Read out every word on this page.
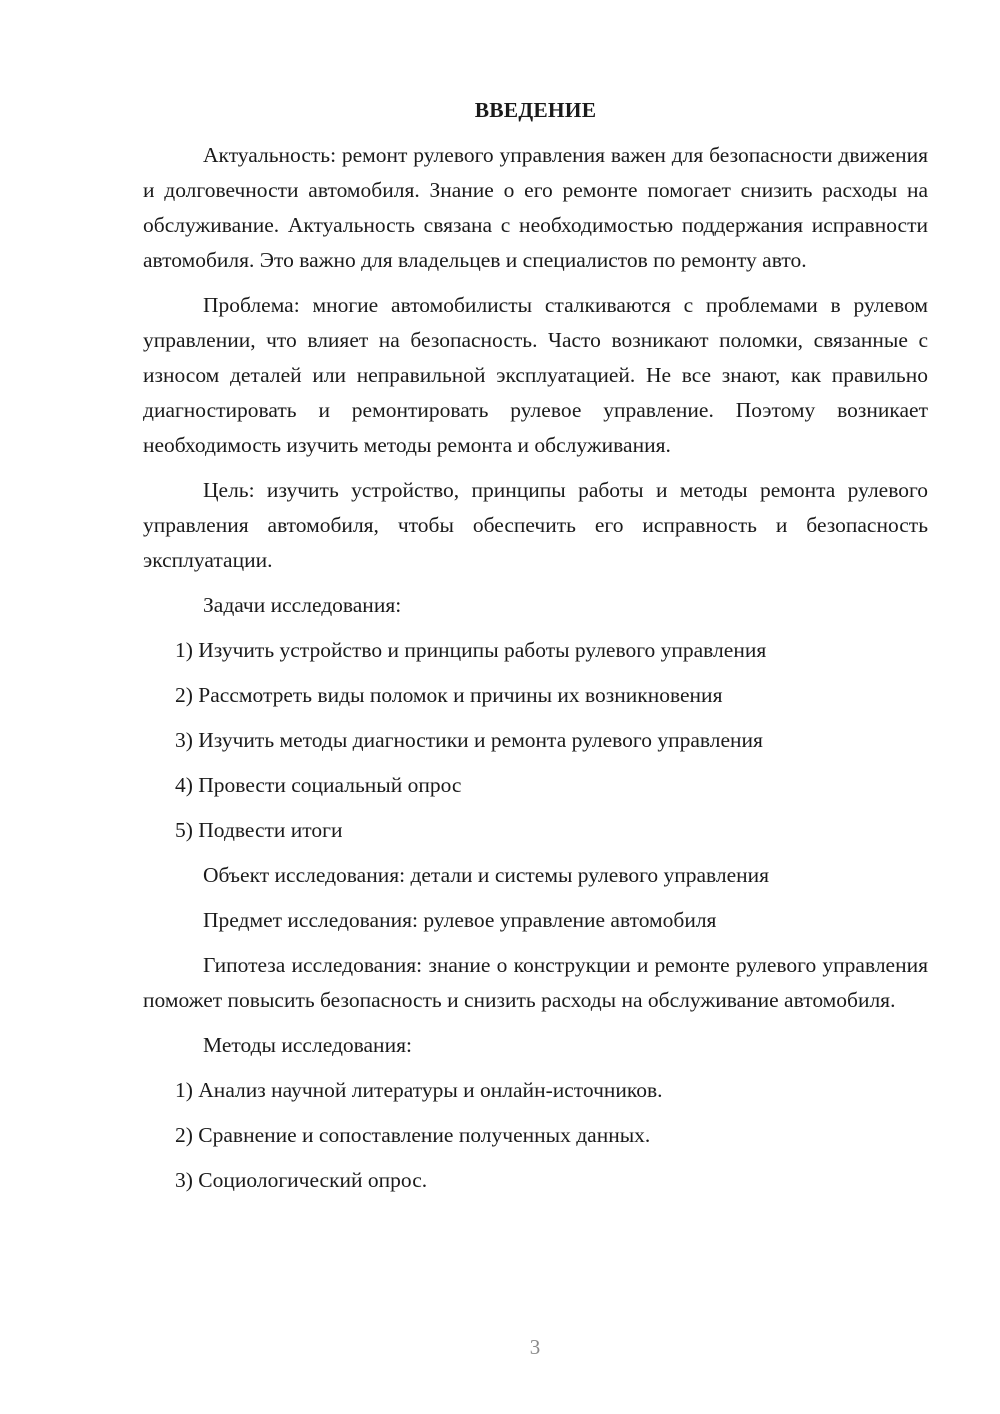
ВВЕДЕНИЕ

Актуальность: ремонт рулевого управления важен для безопасности движения и долговечности автомобиля. Знание о его ремонте помогает снизить расходы на обслуживание. Актуальность связана с необходимостью поддержания исправности автомобиля. Это важно для владельцев и специалистов по ремонту авто.

Проблема: многие автомобилисты сталкиваются с проблемами в рулевом управлении, что влияет на безопасность. Часто возникают поломки, связанные с износом деталей или неправильной эксплуатацией. Не все знают, как правильно диагностировать и ремонтировать рулевое управление. Поэтому возникает необходимость изучить методы ремонта и обслуживания.

Цель: изучить устройство, принципы работы и методы ремонта рулевого управления автомобиля, чтобы обеспечить его исправность и безопасность эксплуатации.

Задачи исследования:
1) Изучить устройство и принципы работы рулевого управления
2) Рассмотреть виды поломок и причины их возникновения
3) Изучить методы диагностики и ремонта рулевого управления
4) Провести социальный опрос
5) Подвести итоги
Объект исследования: детали и системы рулевого управления
Предмет исследования: рулевое управление автомобиля

Гипотеза исследования: знание о конструкции и ремонте рулевого управления поможет повысить безопасность и снизить расходы на обслуживание автомобиля.

Методы исследования:
1) Анализ научной литературы и онлайн-источников.
2) Сравнение и сопоставление полученных данных.
3) Социологический опрос.
3
